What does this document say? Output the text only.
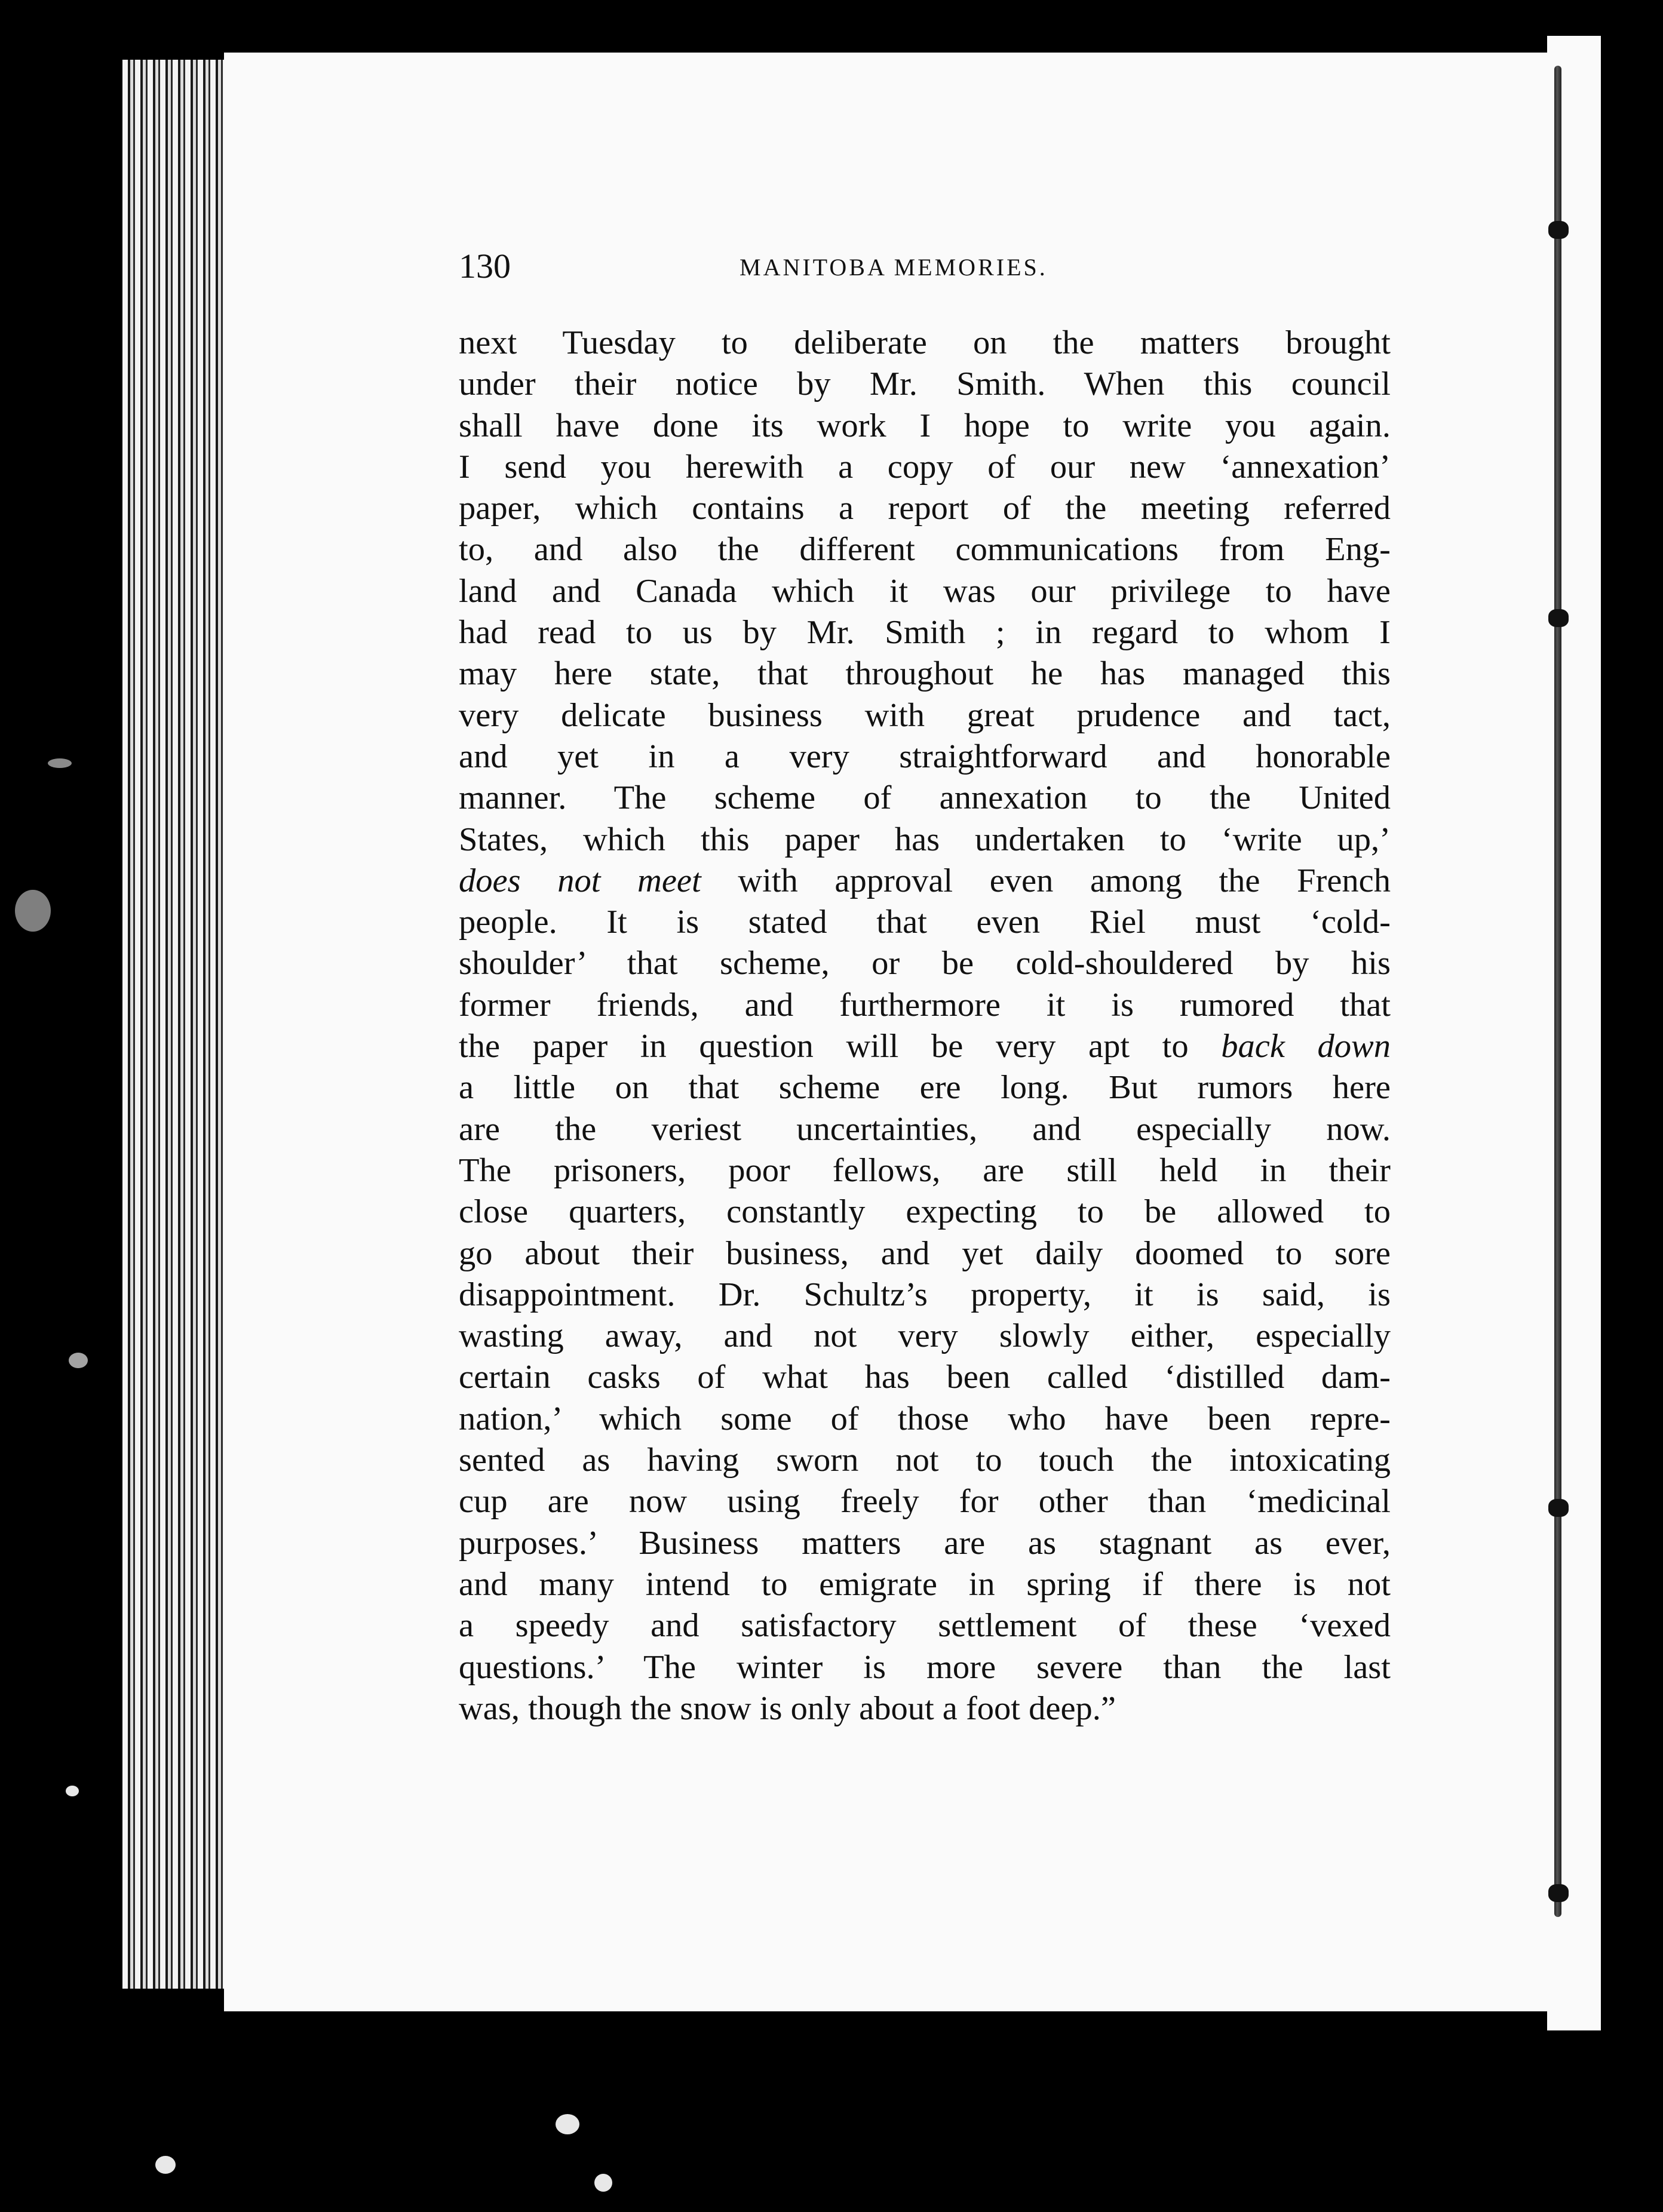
130	MANITOBA MEMORIES.
next Tuesday to deliberate on the matters brought
under their notice by Mr. Smith. When this council
shall have done its work I hope to write you again.
I send you herewith a copy of our new ‘annexation’
paper, which contains a report of the meeting referred
to, and also the different communications from Eng-
land and Canada which it was our privilege to have
had read to us by Mr. Smith ; in regard to whom I
may here state, that throughout he has managed this
very delicate business with great prudence and tact,
and yet in a very straightforward and honorable
manner. The scheme of annexation to the United
States, which this paper has undertaken to ‘write up,’
does not meet with approval even among the French
people. It is stated that even Riel must ‘cold-
shoulder’ that scheme, or be cold-shouldered by his
former friends, and furthermore it is rumored that
the paper in question will be very apt to back down
a little on that scheme ere long. But rumors here
are the veriest uncertainties, and especially now.
The prisoners, poor fellows, are still held in their
close quarters, constantly expecting to be allowed to
go about their business, and yet daily doomed to sore
disappointment. Dr. Schultz’s property, it is said, is
wasting away, and not very slowly either, especially
certain casks of what has been called ‘distilled dam-
nation,’ which some of those who have been repre-
sented as having sworn not to touch the intoxicating
cup are now using freely for other than ‘medicinal
purposes.’ Business matters are as stagnant as ever,
and many intend to emigrate in spring if there is not
a speedy and satisfactory settlement of these ‘vexed
questions.’ The winter is more severe than the last
was, though the snow is only about a foot deep.”
